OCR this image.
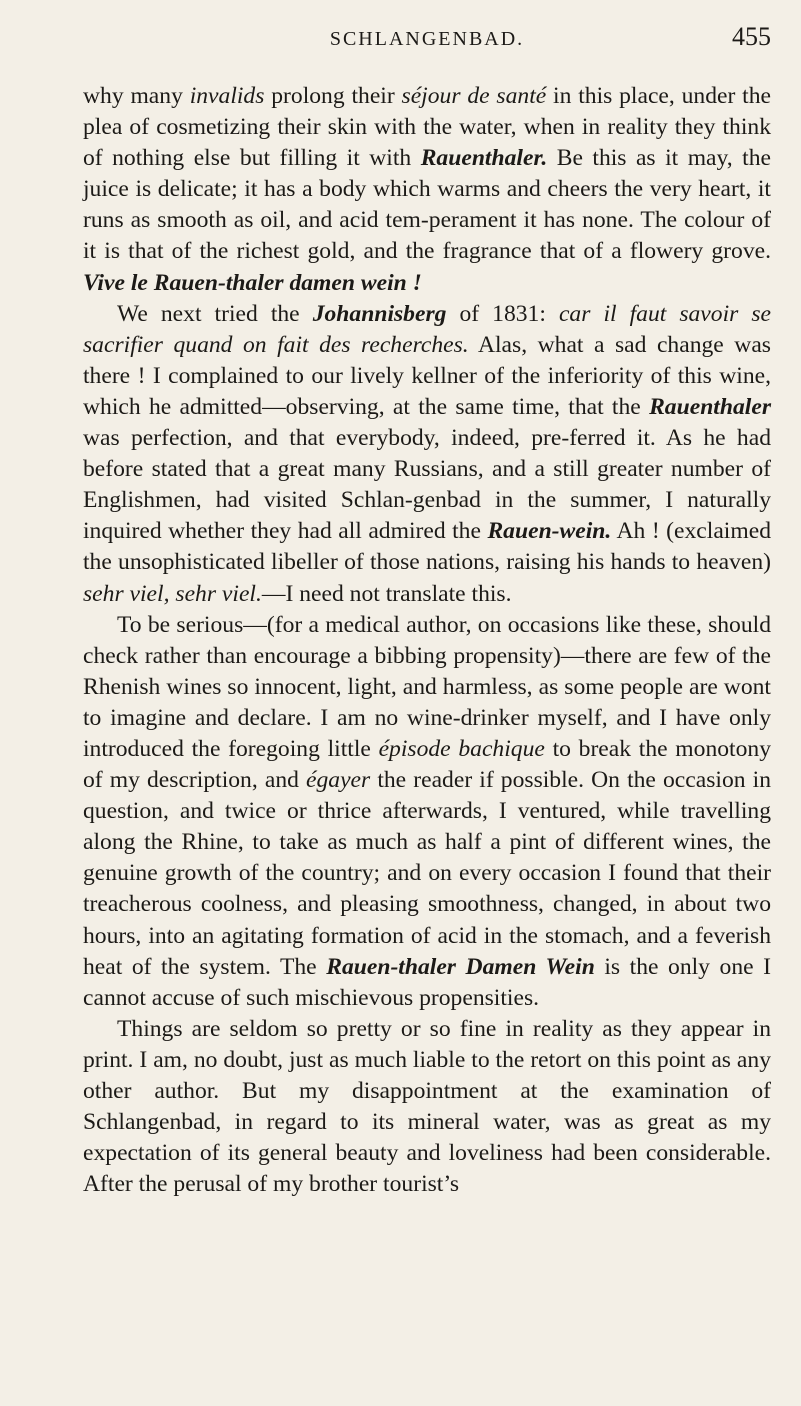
SCHLANGENBAD.	455

why many invalids prolong their séjour de santé in this place, under the plea of cosmetizing their skin with the water, when in reality they think of nothing else but filling it with Rauenthaler. Be this as it may, the juice is delicate; it has a body which warms and cheers the very heart, it runs as smooth as oil, and acid tem-perament it has none. The colour of it is that of the richest gold, and the fragrance that of a flowery grove. Vive le Rauen-thaler damen wein !

We next tried the Johannisberg of 1831: car il faut savoir se sacrifier quand on fait des recherches. Alas, what a sad change was there ! I complained to our lively kellner of the inferiority of this wine, which he admitted—observing, at the same time, that the Rauenthaler was perfection, and that everybody, indeed, pre-ferred it. As he had before stated that a great many Russians, and a still greater number of Englishmen, had visited Schlan-genbad in the summer, I naturally inquired whether they had all admired the Rauen-wein. Ah ! (exclaimed the unsophisticated libeller of those nations, raising his hands to heaven) sehr viel, sehr viel.—I need not translate this.

To be serious—(for a medical author, on occasions like these, should check rather than encourage a bibbing propensity)—there are few of the Rhenish wines so innocent, light, and harmless, as some people are wont to imagine and declare. I am no wine-drinker myself, and I have only introduced the foregoing little épisode bachique to break the monotony of my description, and égayer the reader if possible. On the occasion in question, and twice or thrice afterwards, I ventured, while travelling along the Rhine, to take as much as half a pint of different wines, the genuine growth of the country; and on every occasion I found that their treacherous coolness, and pleasing smoothness, changed, in about two hours, into an agitating formation of acid in the stomach, and a feverish heat of the system. The Rauen-thaler Damen Wein is the only one I cannot accuse of such mischievous propensities.

Things are seldom so pretty or so fine in reality as they appear in print. I am, no doubt, just as much liable to the retort on this point as any other author. But my disappointment at the examination of Schlangenbad, in regard to its mineral water, was as great as my expectation of its general beauty and loveliness had been considerable. After the perusal of my brother tourist’s
